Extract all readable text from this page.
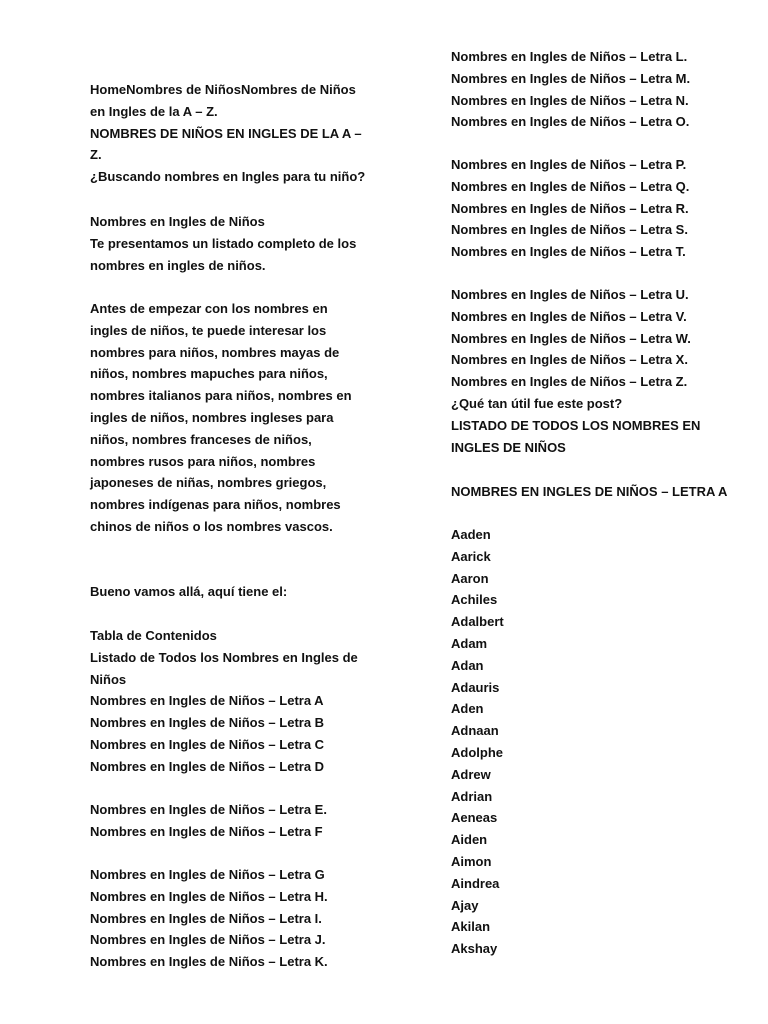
HomeNombres de NiñosNombres de Niños
en Ingles de la A – Z.
NOMBRES DE NIÑOS EN INGLES DE LA A –
Z.
¿Buscando nombres en Ingles para tu niño?
Nombres en Ingles de Niños
Te presentamos un listado completo de los
nombres en ingles de niños.
Antes de empezar con los nombres en
ingles de niños, te puede interesar los
nombres para niños, nombres mayas de
niños, nombres mapuches para niños,
nombres italianos para niños, nombres en
ingles de niños, nombres ingleses para
niños, nombres franceses de niños,
nombres rusos para niños, nombres
japoneses de niñas, nombres griegos,
nombres indígenas para niños, nombres
chinos de niños o los nombres vascos.
Bueno vamos allá, aquí tiene el:
Tabla de Contenidos
Listado de Todos los Nombres en Ingles de
Niños
Nombres en Ingles de Niños – Letra A
Nombres en Ingles de Niños – Letra B
Nombres en Ingles de Niños – Letra C
Nombres en Ingles de Niños – Letra D
Nombres en Ingles de Niños – Letra E.
Nombres en Ingles de Niños – Letra F
Nombres en Ingles de Niños – Letra G
Nombres en Ingles de Niños – Letra H.
Nombres en Ingles de Niños – Letra I.
Nombres en Ingles de Niños – Letra J.
Nombres en Ingles de Niños – Letra K.
Nombres en Ingles de Niños – Letra L.
Nombres en Ingles de Niños – Letra M.
Nombres en Ingles de Niños – Letra N.
Nombres en Ingles de Niños – Letra O.
Nombres en Ingles de Niños – Letra P.
Nombres en Ingles de Niños – Letra Q.
Nombres en Ingles de Niños – Letra R.
Nombres en Ingles de Niños – Letra S.
Nombres en Ingles de Niños – Letra T.
Nombres en Ingles de Niños – Letra U.
Nombres en Ingles de Niños – Letra V.
Nombres en Ingles de Niños – Letra W.
Nombres en Ingles de Niños – Letra X.
Nombres en Ingles de Niños – Letra Z.
¿Qué tan útil fue este post?
LISTADO DE TODOS LOS NOMBRES EN
INGLES DE NIÑOS
NOMBRES EN INGLES DE NIÑOS – LETRA A
Aaden
Aarick
Aaron
Achiles
Adalbert
Adam
Adan
Adauris
Aden
Adnaan
Adolphe
Adrew
Adrian
Aeneas
Aiden
Aimon
Aindrea
Ajay
Akilan
Akshay
